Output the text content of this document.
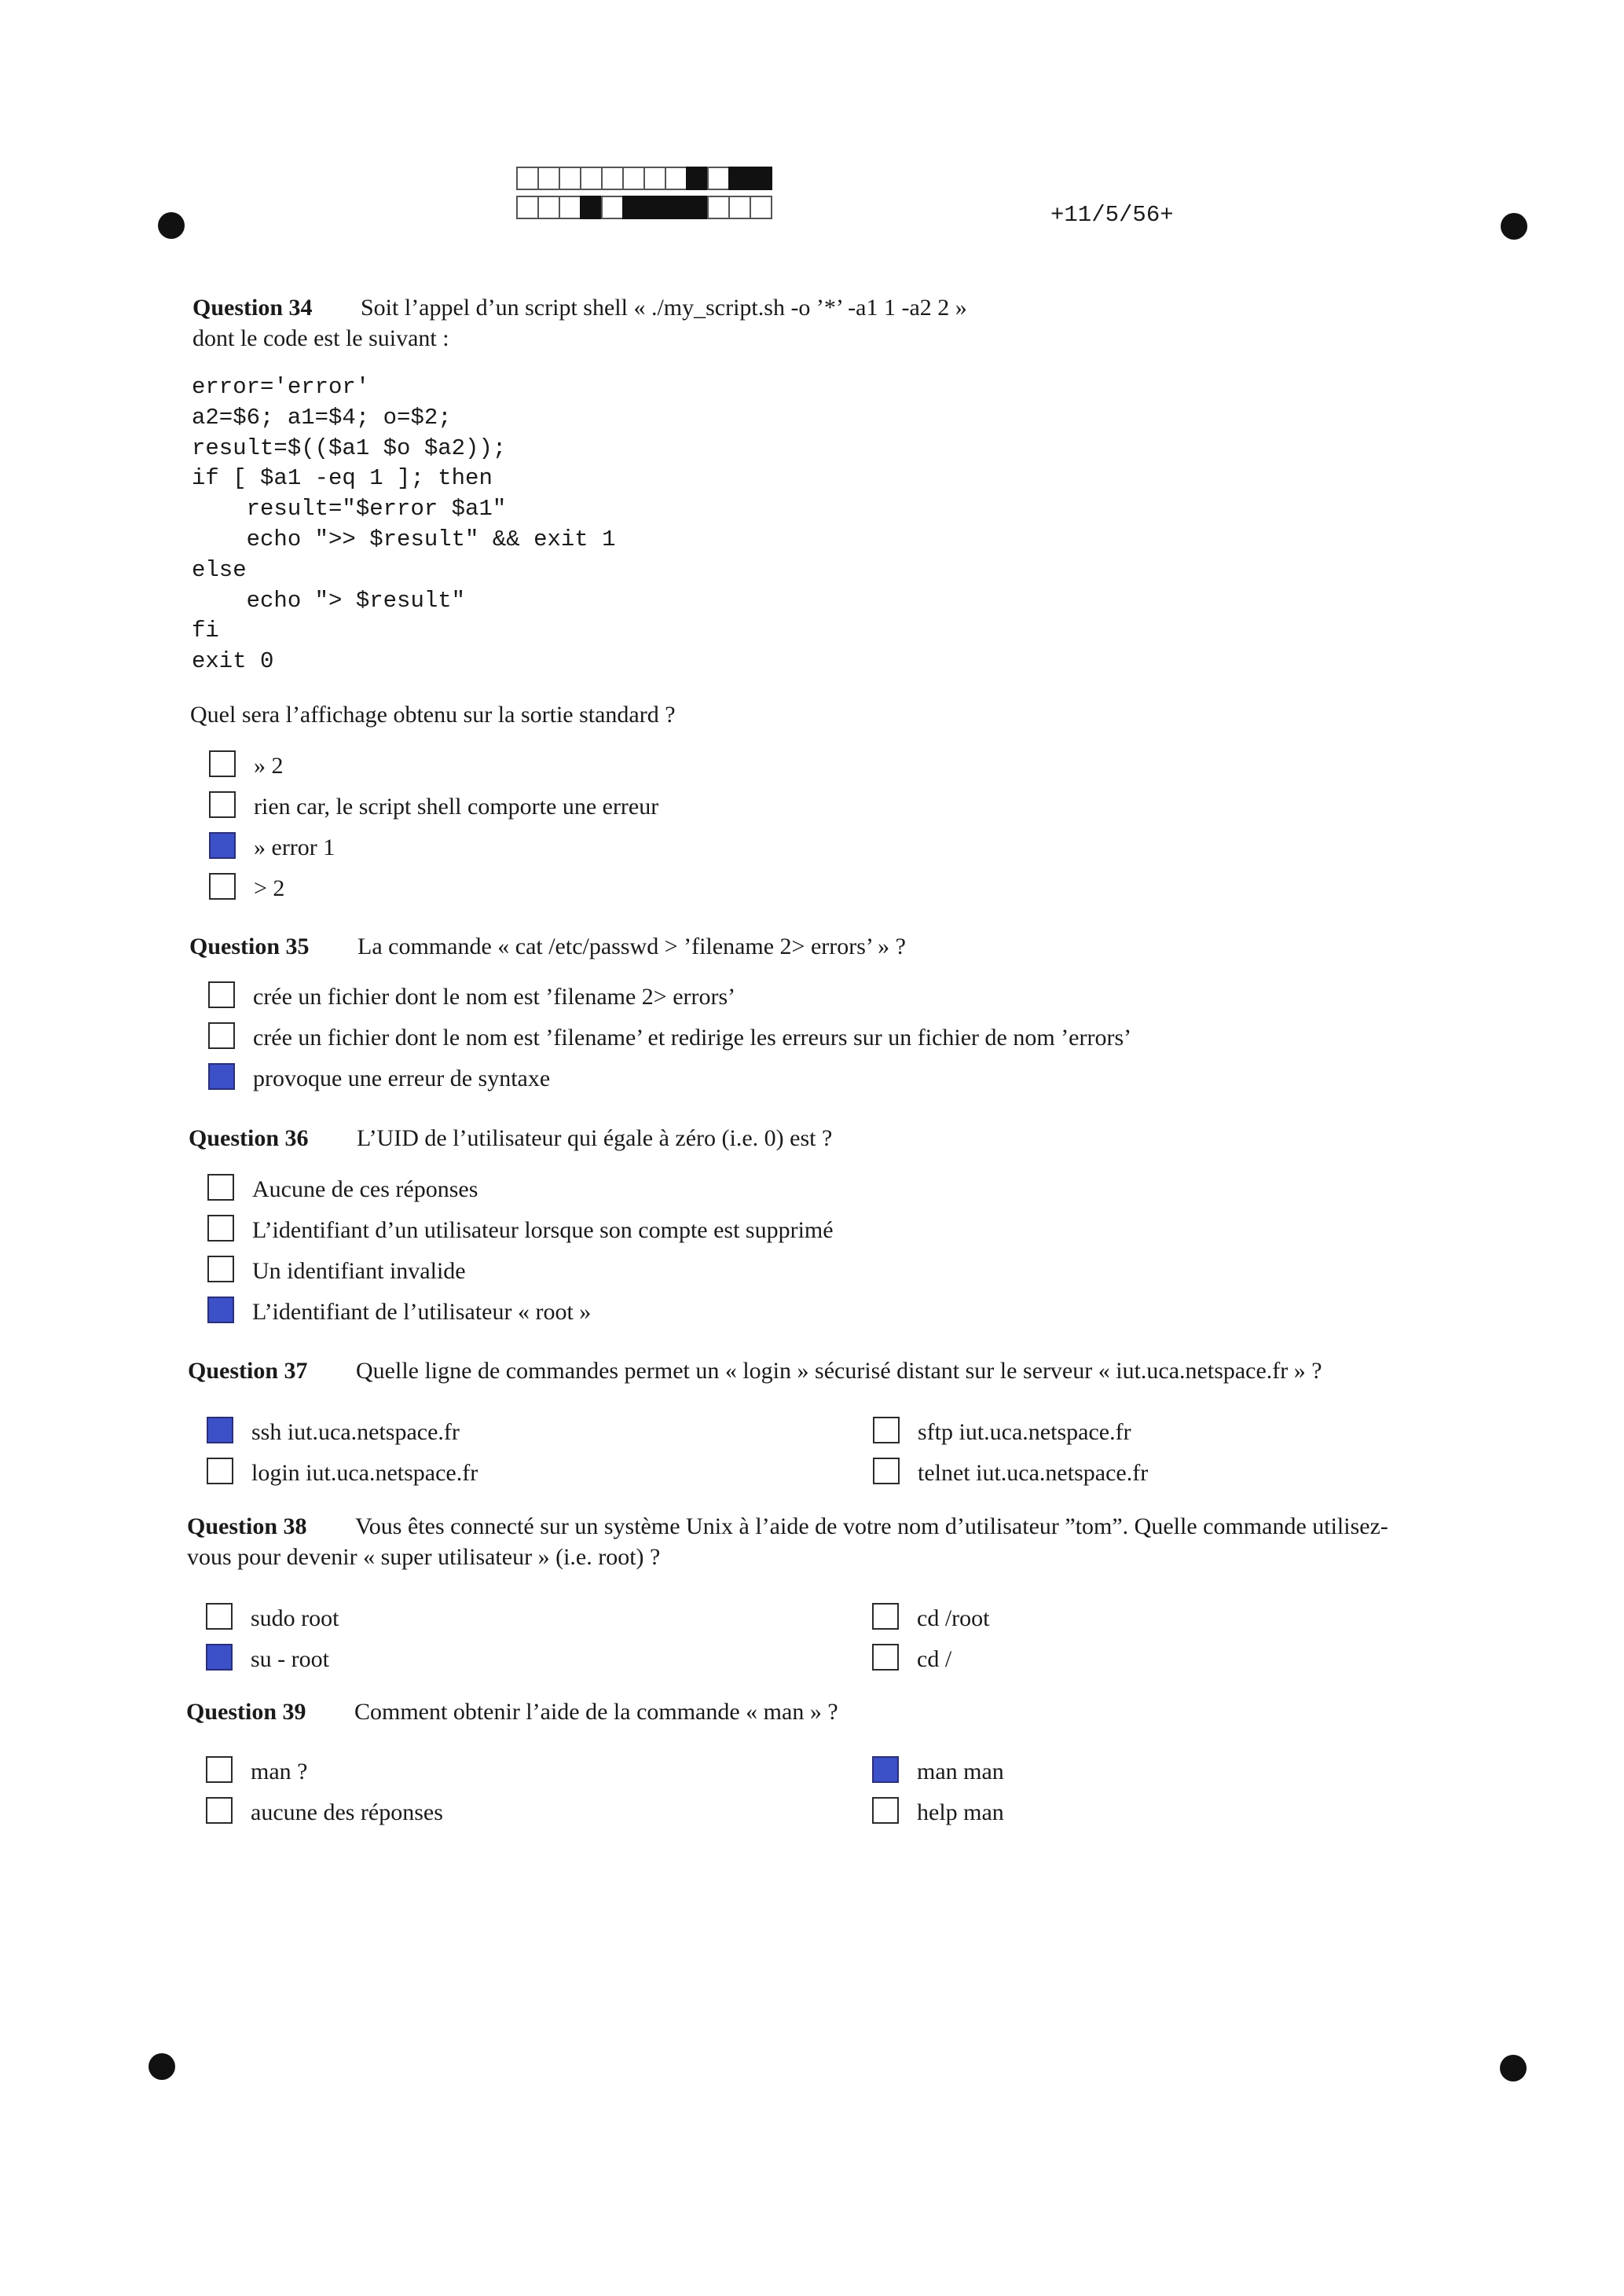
+11/5/56+
Question 34 Soit l’appel d’un script shell « ./my_script.sh -o ’*’ -a1 1 -a2 2 »
dont le code est le suivant :
error='error'
a2=$6; a1=$4; o=$2;
result=$(($a1 $o $a2));
if [ $a1 -eq 1 ]; then
result="$error $a1"
echo ">> $result" && exit 1
else
echo "> $result"
fi
exit 0
Quel sera l’affichage obtenu sur la sortie standard ?
» 2
rien car, le script shell comporte une erreur
» error 1
> 2
Question 35 La commande « cat /etc/passwd > ’filename 2> errors’ » ?
crée un fichier dont le nom est ’filename 2> errors’
crée un fichier dont le nom est ’filename’ et redirige les erreurs sur un fichier de nom ’errors’
provoque une erreur de syntaxe
Question 36 L’UID de l’utilisateur qui égale à zéro (i.e. 0) est ?
Aucune de ces réponses
L’identifiant d’un utilisateur lorsque son compte est supprimé
Un identifiant invalide
L’identifiant de l’utilisateur « root »
Question 37 Quelle ligne de commandes permet un « login » sécurisé distant sur le serveur « iut.uca.netspace.fr » ?
ssh iut.uca.netspace.fr
login iut.uca.netspace.fr
sftp iut.uca.netspace.fr
telnet iut.uca.netspace.fr
Question 38 Vous êtes connecté sur un système Unix à l’aide de votre nom d’utilisateur ”tom”. Quelle commande utilisez-
vous pour devenir « super utilisateur » (i.e. root) ?
sudo root
su - root
cd /root
cd /
Question 39 Comment obtenir l’aide de la commande « man » ?
man ?
aucune des réponses
man man
help man
